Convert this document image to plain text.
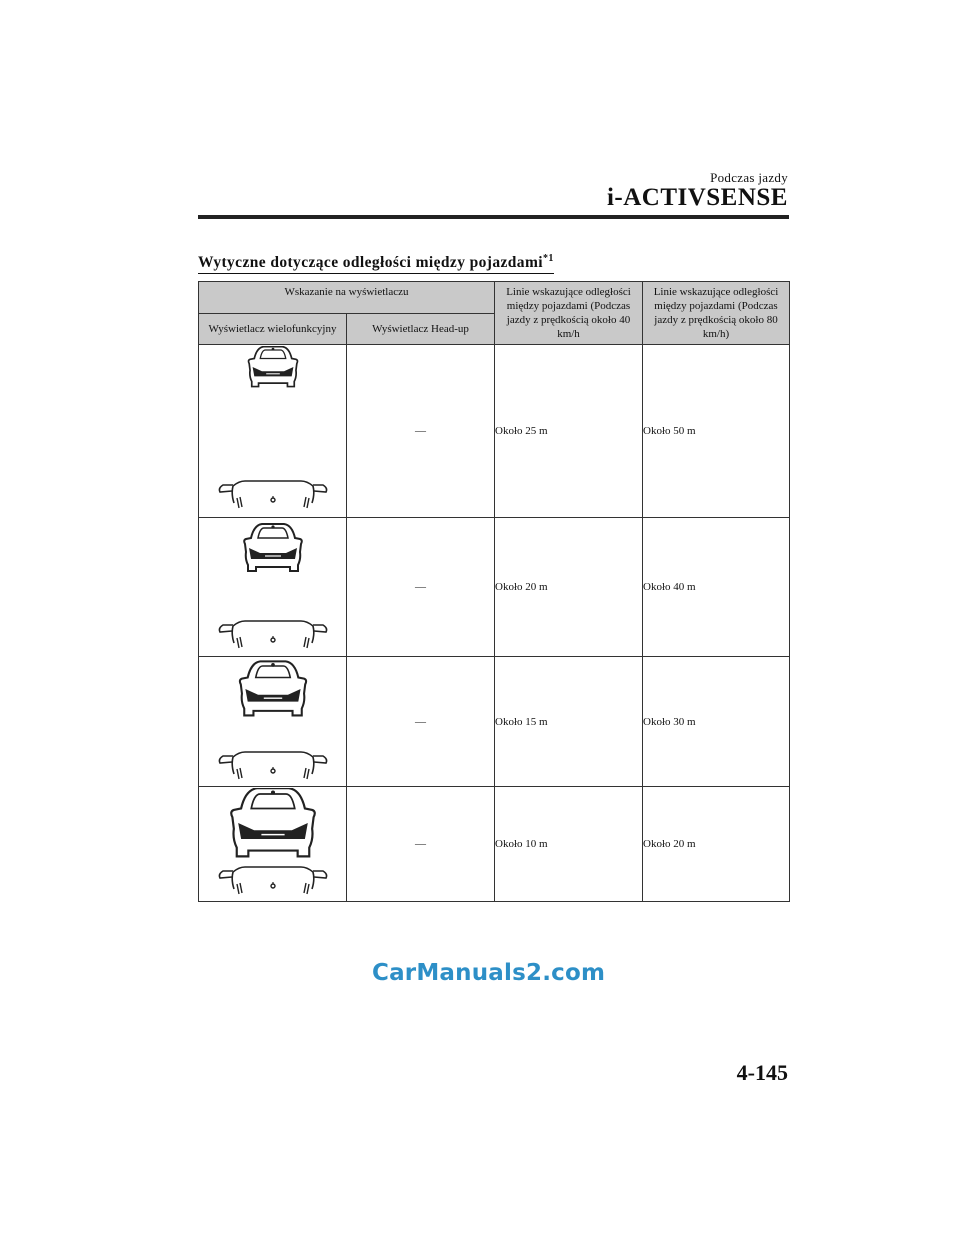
Podczas jazdy
i-ACTIVSENSE
Wytyczne dotyczące odległości między pojazdami$^{*1}$
Wskazanie na wyświetlaczu		Linie wskazujące odległości między pojazdami (Podczas jazdy z prędkością około 40 km/h	Linie wskazujące odległości między pojazdami (Podczas jazdy z prędkością około 80 km/h)
Wyświetlacz wielofunkcyjny	Wyświetlacz Head-up		

	—	Około 25 m	Około 50 m

	—	Około 20 m	Około 40 m

	—	Około 15 m	Około 30 m

	—	Około 10 m	Około 20 m
CarManuals2.com
4-145
